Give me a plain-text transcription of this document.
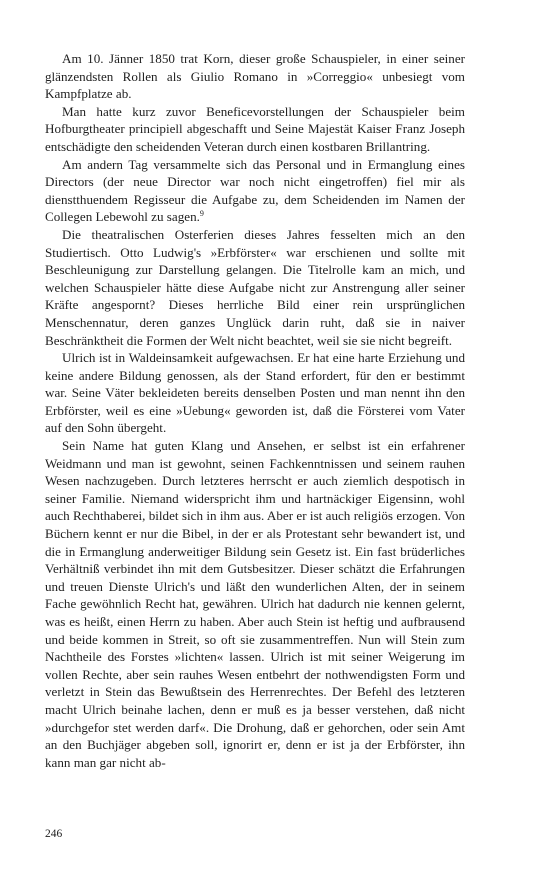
Am 10. Jänner 1850 trat Korn, dieser große Schauspieler, in einer seiner glänzendsten Rollen als Giulio Romano in »Correggio« unbesiegt vom Kampfplatze ab.

Man hatte kurz zuvor Beneficevorstellungen der Schauspieler beim Hofburgtheater principiell abgeschafft und Seine Majestät Kaiser Franz Joseph entschädigte den scheidenden Veteran durch einen kostbaren Brillantring.

Am andern Tag versammelte sich das Personal und in Ermanglung eines Directors (der neue Director war noch nicht eingetroffen) fiel mir als dienstthuendem Regisseur die Aufgabe zu, dem Scheidenden im Namen der Collegen Lebewohl zu sagen.$^9$

Die theatralischen Osterferien dieses Jahres fesselten mich an den Studiertisch. Otto Ludwig's »Erbförster« war erschienen und sollte mit Beschleunigung zur Darstellung gelangen. Die Titelrolle kam an mich, und welchen Schauspieler hätte diese Aufgabe nicht zur Anstrengung aller seiner Kräfte angespornt? Dieses herrliche Bild einer rein ursprünglichen Menschennatur, deren ganzes Unglück darin ruht, daß sie in naiver Beschränktheit die Formen der Welt nicht beachtet, weil sie sie nicht begreift.

Ulrich ist in Waldeinsamkeit aufgewachsen. Er hat eine harte Erziehung und keine andere Bildung genossen, als der Stand erfordert, für den er bestimmt war. Seine Väter bekleideten bereits denselben Posten und man nennt ihn den Erbförster, weil es eine »Uebung« geworden ist, daß die Försterei vom Vater auf den Sohn übergeht.

Sein Name hat guten Klang und Ansehen, er selbst ist ein erfahrener Weidmann und man ist gewohnt, seinen Fachkenntnissen und seinem rauhen Wesen nachzugeben. Durch letzteres herrscht er auch ziemlich despotisch in seiner Familie. Niemand widerspricht ihm und hartnäckiger Eigensinn, wohl auch Rechthaberei, bildet sich in ihm aus. Aber er ist auch religiös erzogen. Von Büchern kennt er nur die Bibel, in der er als Protestant sehr bewandert ist, und die in Ermanglung anderweitiger Bildung sein Gesetz ist. Ein fast brüderliches Verhältniß verbindet ihn mit dem Gutsbesitzer. Dieser schätzt die Erfahrungen und treuen Dienste Ulrich's und läßt den wunderlichen Alten, der in seinem Fache gewöhnlich Recht hat, gewähren. Ulrich hat dadurch nie kennen gelernt, was es heißt, einen Herrn zu haben. Aber auch Stein ist heftig und aufbrausend und beide kommen in Streit, so oft sie zusammentreffen. Nun will Stein zum Nachtheile des Forstes »lichten« lassen. Ulrich ist mit seiner Weigerung im vollen Rechte, aber sein rauhes Wesen entbehrt der nothwendigsten Form und verletzt in Stein das Bewußtsein des Herrenrechtes. Der Befehl des letzteren macht Ulrich beinahe lachen, denn er muß es ja besser verstehen, daß nicht »durchgefor stet werden darf«. Die Drohung, daß er gehorchen, oder sein Amt an den Buchjäger abgeben soll, ignorirt er, denn er ist ja der Erbförster, ihn kann man gar nicht ab-

246
